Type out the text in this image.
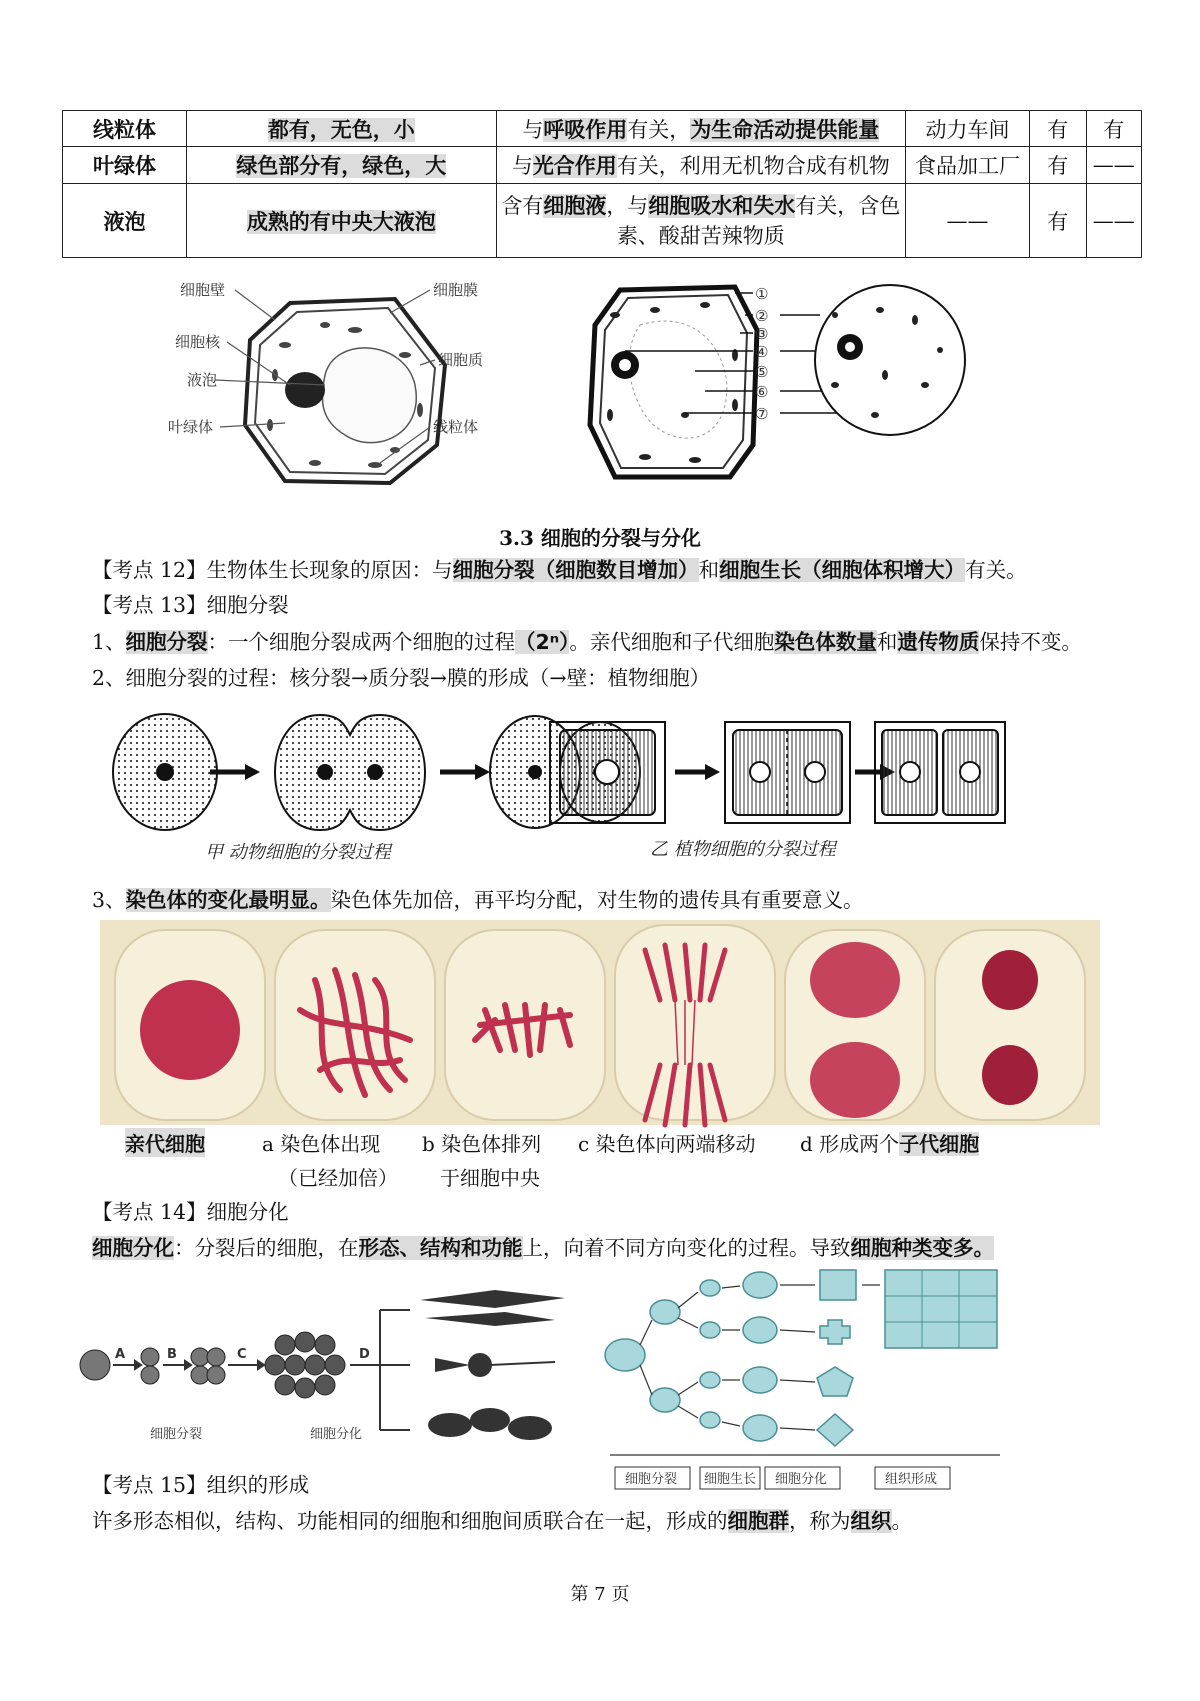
线粒体	都有，无色，小	与呼吸作用有关，为生命活动提供能量	动力车间	有	有
叶绿体	绿色部分有，绿色，大	与光合作用有关，利用无机物合成有机物	食品加工厂	有	——
液泡	成熟的有中央大液泡	含有细胞液，与细胞吸水和失水有关，含色素、酸甜苦辣物质	——	有	——
细胞壁
细胞核
液泡
叶绿体
细胞膜
细胞质
线粒体
①
②
③
④
⑤
⑥
⑦
3.3 细胞的分裂与分化
【考点 12】生物体生长现象的原因：与细胞分裂（细胞数目增加）和细胞生长（细胞体积增大）有关。
【考点 13】细胞分裂
1、细胞分裂：一个细胞分裂成两个细胞的过程（2ⁿ）。亲代细胞和子代细胞染色体数量和遗传物质保持不变。
2、细胞分裂的过程：核分裂→质分裂→膜的形成（→壁：植物细胞）
甲 动物细胞的分裂过程	乙 植物细胞的分裂过程
3、染色体的变化最明显。染色体先加倍，再平均分配，对生物的遗传具有重要意义。
亲代细胞	a 染色体出现
（已经加倍）
b 染色体排列
于细胞中央
c 染色体向两端移动 d 形成两个子代细胞
【考点 14】细胞分化
细胞分化：分裂后的细胞，在形态、结构和功能上，向着不同方向变化的过程。导致细胞种类变多。
A	B	C	D
细胞分裂	细胞分化
细胞分裂 细胞生长 细胞分化	组织形成
【考点 15】组织的形成
许多形态相似，结构、功能相同的细胞和细胞间质联合在一起，形成的细胞群，称为组织。
第 7 页
